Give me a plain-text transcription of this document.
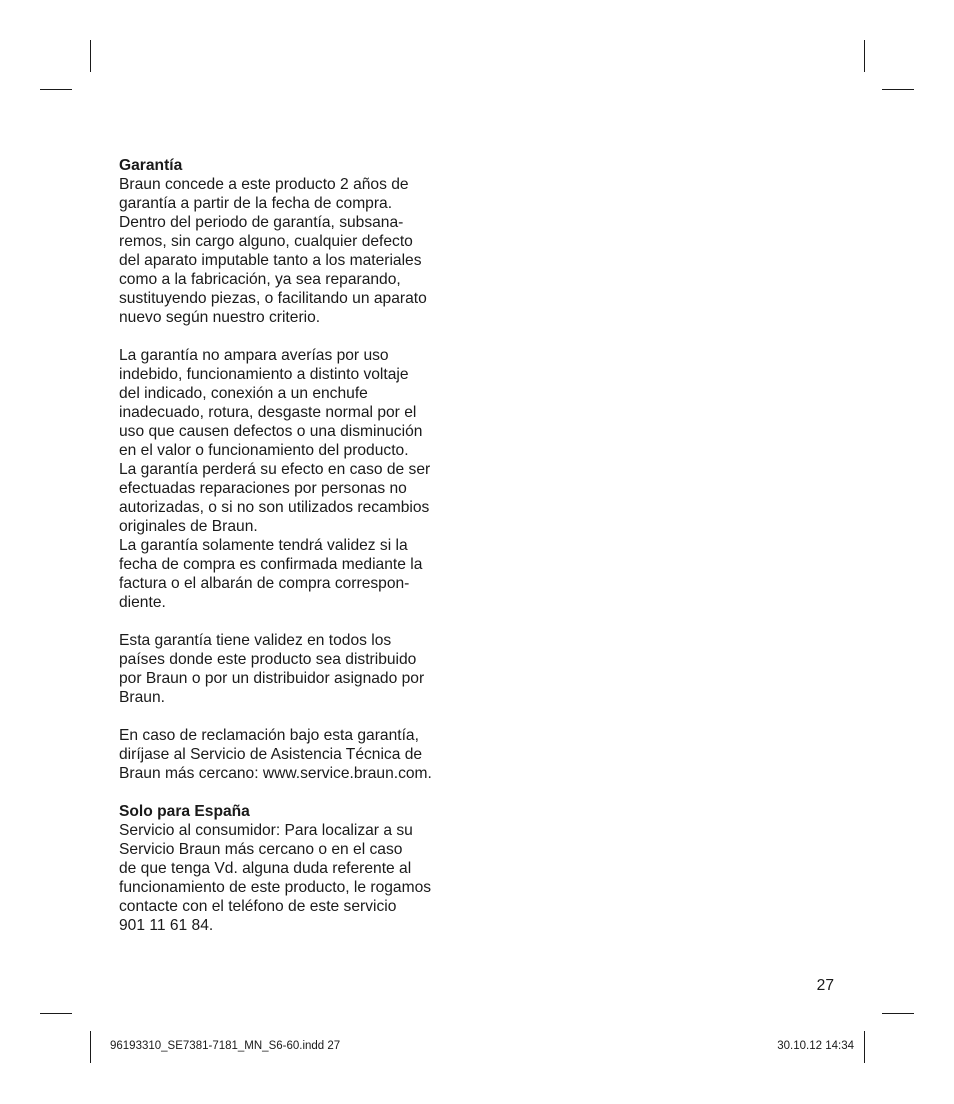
Garantía

Braun concede a este producto 2 años de

garantía a partir de la fecha de compra.

Dentro del periodo de garantía, subsana-

remos, sin cargo alguno, cualquier defecto

del aparato imputable tanto a los materiales

como a la fabricación, ya sea reparando,

sustituyendo piezas, o facilitando un aparato

nuevo según nuestro criterio.

La garantía no ampara averías por uso

indebido, funcionamiento a distinto voltaje

del indicado, conexión a un enchufe

inadecuado, rotura, desgaste normal por el

uso que causen defectos o una disminución

en el valor o funcionamiento del producto.

La garantía perderá su efecto en caso de ser

efectuadas reparaciones por personas no

autorizadas, o si no son utilizados recambios

originales de Braun.

La garantía solamente tendrá validez si la

fecha de compra es confirmada mediante la

factura o el albarán de compra correspon-

diente.

Esta garantía tiene validez en todos los

países donde este producto sea distribuido

por Braun o por un distribuidor asignado por

Braun.

En caso de reclamación bajo esta garantía,

diríjase al Servicio de Asistencia Técnica de

Braun más cercano: www.service.braun.com.

Solo para España

Servicio al consumidor: Para localizar a su

Servicio Braun más cercano o en el caso

de que tenga Vd. alguna duda referente al

funcionamiento de este producto, le rogamos

contacte con el teléfono de este servicio

901 11 61 84.

27
96193310_SE7381-7181_MN_S6-60.indd 27	30.10.12 14:34
